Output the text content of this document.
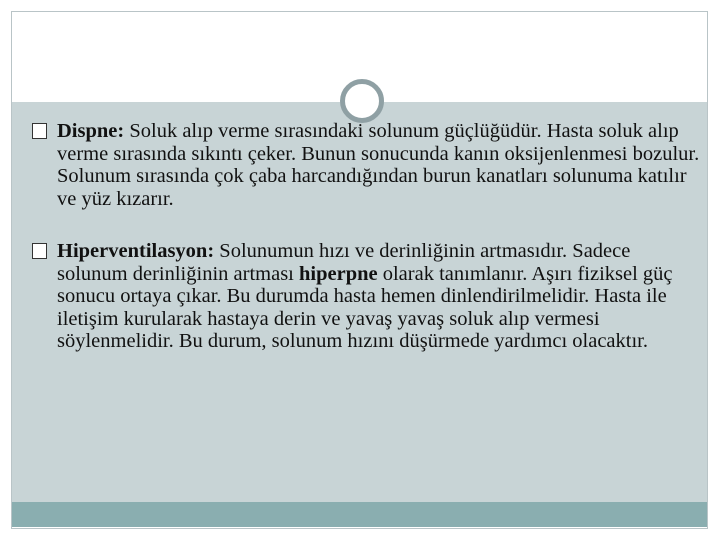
Dispne: Soluk alıp verme sırasındaki solunum güçlüğüdür. Hasta soluk alıp verme sırasında sıkıntı çeker. Bunun sonucunda kanın oksijenlenmesi bozulur. Solunum sırasında çok çaba harcandığından burun kanatları solunuma katılır ve yüz kızarır.

Hiperventilasyon: Solunumun hızı ve derinliğinin artmasıdır. Sadece solunum derinliğinin artması hiperpne olarak tanımlanır. Aşırı fiziksel güç sonucu ortaya çıkar. Bu durumda hasta hemen dinlendirilmelidir. Hasta ile iletişim kurularak hastaya derin ve yavaş yavaş soluk alıp vermesi söylenmelidir. Bu durum, solunum hızını düşürmede yardımcı olacaktır.
